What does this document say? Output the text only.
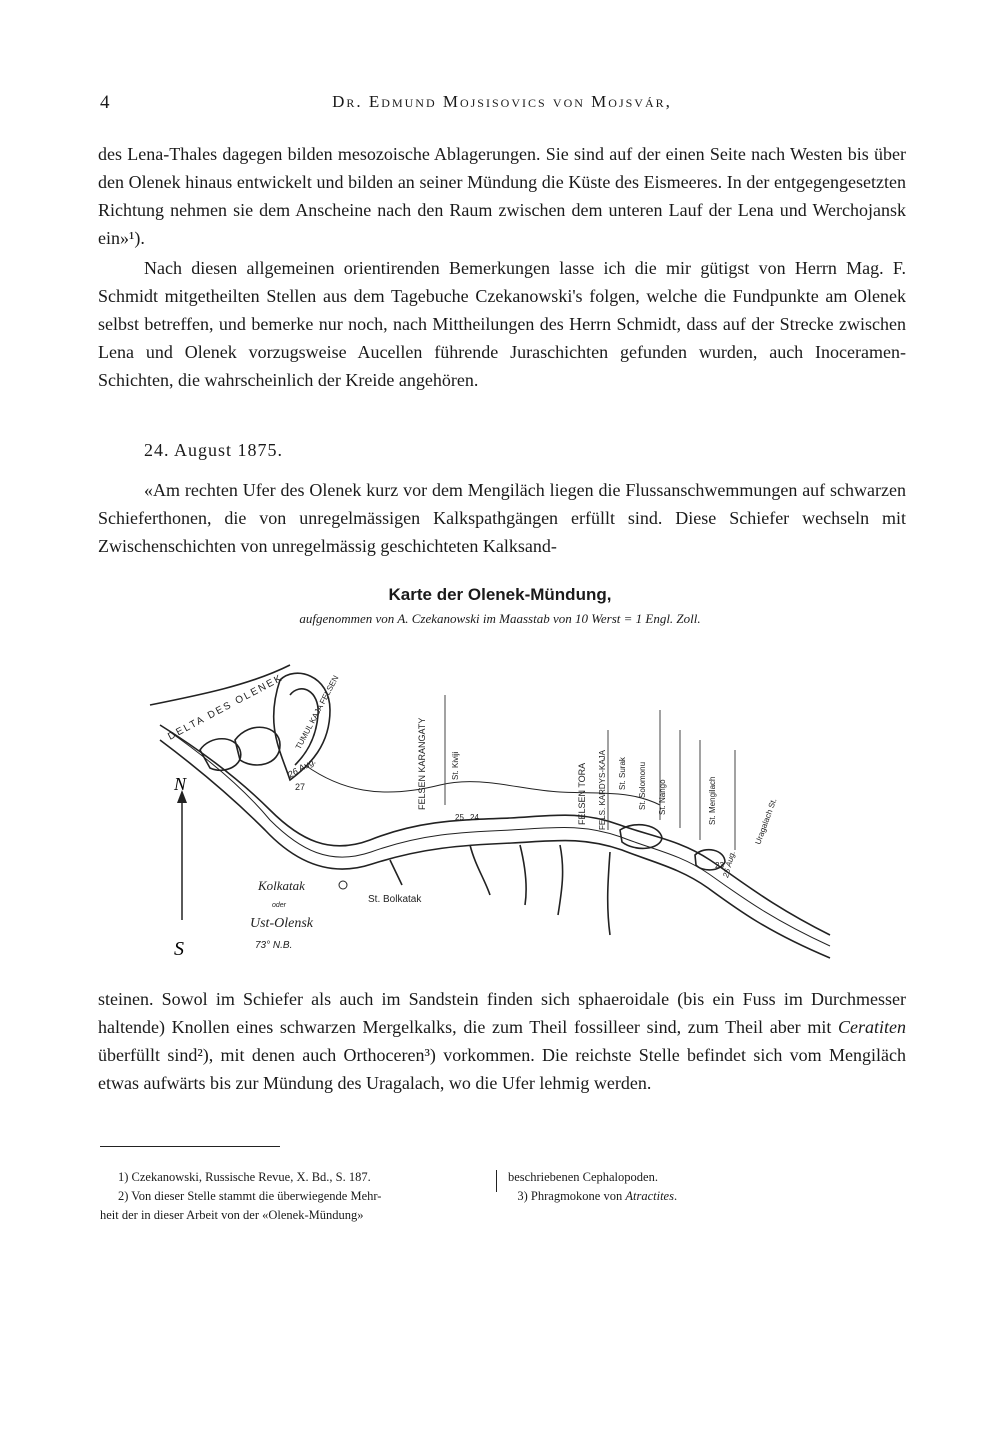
4	Dr. Edmund Mojsisovics von Mojsvár,
des Lena-Thales dagegen bilden mesozoische Ablagerungen. Sie sind auf der einen Seite nach Westen bis über den Olenek hinaus entwickelt und bilden an seiner Mündung die Küste des Eismeeres. In der entgegengesetzten Richtung nehmen sie dem Anscheine nach den Raum zwischen dem unteren Lauf der Lena und Werchojansk ein»¹).
Nach diesen allgemeinen orientirenden Bemerkungen lasse ich die mir gütigst von Herrn Mag. F. Schmidt mitgetheilten Stellen aus dem Tagebuche Czekanowski's folgen, welche die Fundpunkte am Olenek selbst betreffen, und bemerke nur noch, nach Mittheilungen des Herrn Schmidt, dass auf der Strecke zwischen Lena und Olenek vorzugsweise Aucellen führende Juraschichten gefunden wurden, auch Inoceramen-Schichten, die wahrscheinlich der Kreide angehören.
24. August 1875.
«Am rechten Ufer des Olenek kurz vor dem Mengiläch liegen die Flussanschwemmungen auf schwarzen Schieferthonen, die von unregelmässigen Kalkspathgängen erfüllt sind. Diese Schiefer wechseln mit Zwischenschichten von unregelmässig geschichteten Kalksand-
Karte der Olenek-Mündung,
aufgenommen von A. Czekanowski im Maasstab von 10 Werst = 1 Engl. Zoll.
N
S
DELTA DES OLENEK TUMUL KAJA FELSEN
26 Aug.
27	FELSEN KARANGATY	St. Kiviji
25 24	FELSEN TORA FELS. KARDYS-KAJA St. Surak St. Solomonu St. Nango	St. Mengilach	Uragalach St.
23
25 Aug.
Kolkatak
oder
Ust-Olensk
St. Bolkatak
73° N.B.
steinen. Sowol im Schiefer als auch im Sandstein finden sich sphaeroidale (bis ein Fuss im Durchmesser haltende) Knollen eines schwarzen Mergelkalks, die zum Theil fossilleer sind, zum Theil aber mit Ceratiten überfüllt sind²), mit denen auch Orthoceren³) vorkommen. Die reichste Stelle befindet sich vom Mengiläch etwas aufwärts bis zur Mündung des Uragalach, wo die Ufer lehmig werden.
1) Czekanowski, Russische Revue, X. Bd., S. 187.
2) Von dieser Stelle stammt die überwiegende Mehr-
heit der in dieser Arbeit von der «Olenek-Mündung»
beschriebenen Cephalopoden.
3) Phragmokone von Atractites.
